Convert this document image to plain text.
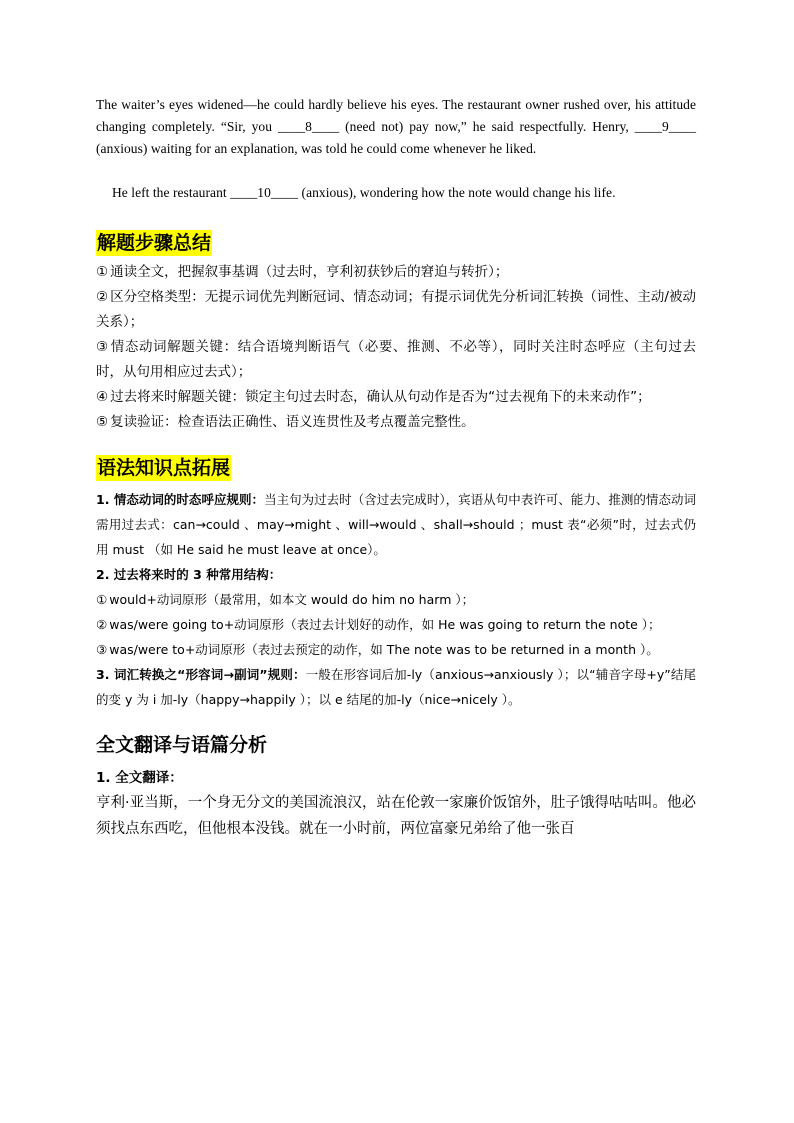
The waiter’s eyes widened—he could hardly believe his eyes. The restaurant owner rushed over, his attitude changing completely. “Sir, you ____8____ (need not) pay now,” he said respectfully. Henry, ____9____ (anxious) waiting for an explanation, was told he could come whenever he liked.

He left the restaurant ____10____ (anxious), wondering how the note would change his life.

解题步骤总结
① 通读全文，把握叙事基调（过去时，亨利初获钞后的窘迫与转折）；
② 区分空格类型：无提示词优先判断冠词、情态动词；有提示词优先分析词汇转换（词性、主动/被动关系）；
③ 情态动词解题关键：结合语境判断语气（必要、推测、不必等），同时关注时态呼应（主句过去时，从句用相应过去式）；
④ 过去将来时解题关键：锁定主句过去时态，确认从句动作是否为“过去视角下的未来动作”；
⑤ 复读验证：检查语法正确性、语义连贯性及考点覆盖完整性。
语法知识点拓展

1. 情态动词的时态呼应规则：当主句为过去时（含过去完成时），宾语从句中表许可、能力、推测的情态动词需用过去式：can→could 、may→might 、will→would 、shall→should ；must 表“必须”时，过去式仍用 must （如 He said he must leave at once）。

2. 过去将来时的 3 种常用结构：

① would+动词原形（最常用，如本文 would do him no harm ）；

② was/were going to+动词原形（表过去计划好的动作，如 He was going to return the note ）；

③ was/were to+动词原形（表过去预定的动作，如 The note was to be returned in a month ）。

3. 词汇转换之“形容词→副词”规则：一般在形容词后加-ly（anxious→anxiously ）；以“辅音字母+y”结尾的变 y 为 i 加-ly（happy→happily ）；以 e 结尾的加-ly（nice→nicely ）。

全文翻译与语篇分析

1. 全文翻译：

亨利·亚当斯，一个身无分文的美国流浪汉，站在伦敦一家廉价饭馆外，肚子饿得咕咕叫。他必须找点东西吃，但他根本没钱。就在一小时前，两位富豪兄弟给了他一张百
